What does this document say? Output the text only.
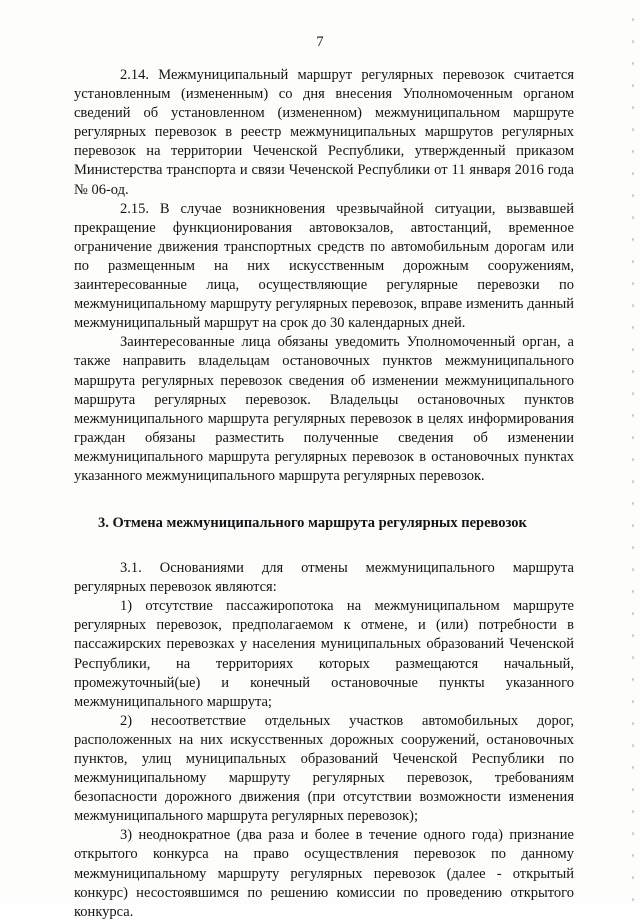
7

2.14. Межмуниципальный маршрут регулярных перевозок считается установленным (измененным) со дня внесения Уполномоченным органом сведений об установленном (измененном) межмуниципальном маршруте регулярных перевозок в реестр межмуниципальных маршрутов регулярных перевозок на территории Чеченской Республики, утвержденный приказом Министерства транспорта и связи Чеченской Республики от 11 января 2016 года № 06-од.

2.15. В случае возникновения чрезвычайной ситуации, вызвавшей прекращение функционирования автовокзалов, автостанций, временное ограничение движения транспортных средств по автомобильным дорогам или по размещенным на них искусственным дорожным сооружениям, заинтересованные лица, осуществляющие регулярные перевозки по межмуниципальному маршруту регулярных перевозок, вправе изменить данный межмуниципальный маршрут на срок до 30 календарных дней.

Заинтересованные лица обязаны уведомить Уполномоченный орган, а также направить владельцам остановочных пунктов межмуниципального маршрута регулярных перевозок сведения об изменении межмуниципального маршрута регулярных перевозок. Владельцы остановочных пунктов межмуниципального маршрута регулярных перевозок в целях информирования граждан обязаны разместить полученные сведения об изменении межмуниципального маршрута регулярных перевозок в остановочных пунктах указанного межмуниципального маршрута регулярных перевозок.

3. Отмена межмуниципального маршрута регулярных перевозок

3.1. Основаниями для отмены межмуниципального маршрута регулярных перевозок являются:

1) отсутствие пассажиропотока на межмуниципальном маршруте регулярных перевозок, предполагаемом к отмене, и (или) потребности в пассажирских перевозках у населения муниципальных образований Чеченской Республики, на территориях которых размещаются начальный, промежуточный(ые) и конечный остановочные пункты указанного межмуниципального маршрута;

2) несоответствие отдельных участков автомобильных дорог, расположенных на них искусственных дорожных сооружений, остановочных пунктов, улиц муниципальных образований Чеченской Республики по межмуниципальному маршруту регулярных перевозок, требованиям безопасности дорожного движения (при отсутствии возможности изменения межмуниципального маршрута регулярных перевозок);

3) неоднократное (два раза и более в течение одного года) признание открытого конкурса на право осуществления перевозок по данному межмуниципальному маршруту регулярных перевозок (далее - открытый конкурс) несостоявшимся по решению комиссии по проведению открытого конкурса.
